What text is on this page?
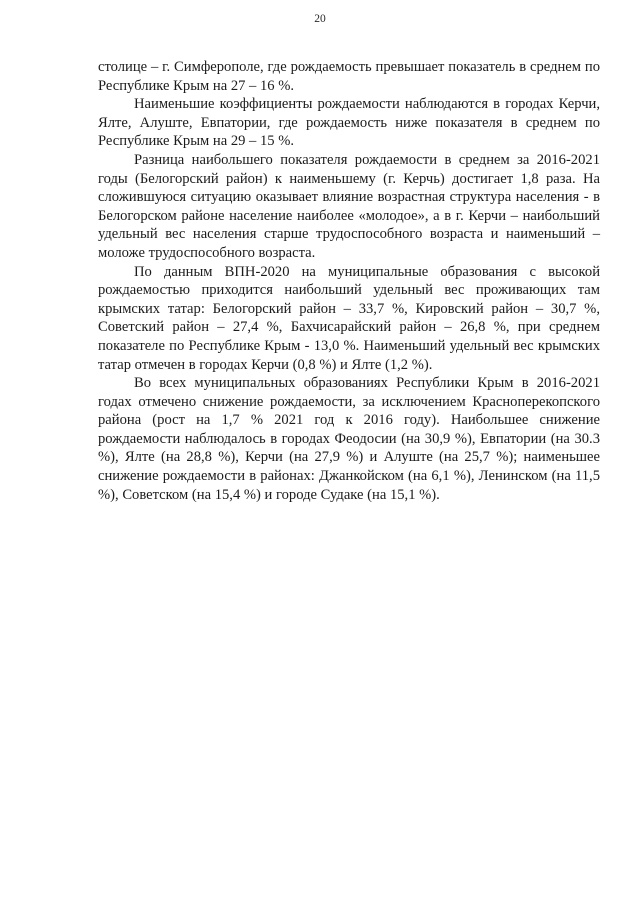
20

столице – г. Симферополе, где рождаемость превышает показатель в среднем по Республике Крым на 27 – 16 %.

Наименьшие коэффициенты рождаемости наблюдаются в городах Керчи, Ялте, Алуште, Евпатории, где рождаемость ниже показателя в среднем по Республике Крым на 29 – 15 %.

Разница наибольшего показателя рождаемости в среднем за 2016-2021 годы (Белогорский район) к наименьшему (г. Керчь) достигает 1,8 раза. На сложившуюся ситуацию оказывает влияние возрастная структура населения - в Белогорском районе население наиболее «молодое», а в г. Керчи – наибольший удельный вес населения старше трудоспособного возраста и наименьший – моложе трудоспособного возраста.

По данным ВПН-2020 на муниципальные образования с высокой рождаемостью приходится наибольший удельный вес проживающих там крымских татар: Белогорский район – 33,7 %, Кировский район – 30,7 %, Советский район – 27,4 %, Бахчисарайский район – 26,8 %, при среднем показателе по Республике Крым - 13,0 %. Наименьший удельный вес крымских татар отмечен в городах Керчи (0,8 %) и Ялте (1,2 %).

Во всех муниципальных образованиях Республики Крым в 2016-2021 годах отмечено снижение рождаемости, за исключением Красноперекопского района (рост на 1,7 % 2021 год к 2016 году). Наибольшее снижение рождаемости наблюдалось в городах Феодосии (на 30,9 %), Евпатории (на 30.3 %), Ялте (на 28,8 %), Керчи (на 27,9 %) и Алуште (на 25,7 %); наименьшее снижение рождаемости в районах: Джанкойском (на 6,1 %), Ленинском (на 11,5 %), Советском (на 15,4 %) и городе Судаке (на 15,1 %).
